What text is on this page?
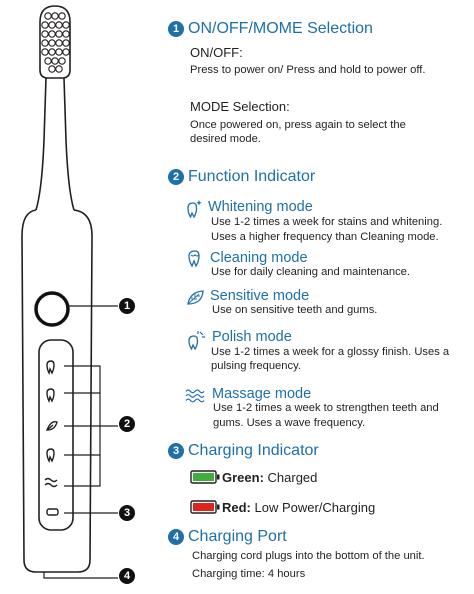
1
2
3
4
1 ON/OFF/MOME Selection
ON/OFF:
Press to power on/ Press and hold to power off.
MODE Selection:
Once powered on, press again to select the
desired mode.
2 Function Indicator
Whitening mode
Use 1-2 times a week for stains and whitening.
Uses a higher frequency than Cleaning mode.
Cleaning mode
Use for daily cleaning and maintenance.
Sensitive mode
Use on sensitive teeth and gums.
Polish mode
Use 1-2 times a week for a glossy finish. Uses a
pulsing frequency.
Massage mode
Use 1-2 times a week to strengthen teeth and
gums. Uses a wave frequency.
3 Charging Indicator
Green: Charged
Red: Low Power/Charging
4 Charging Port
Charging cord plugs into the bottom of the unit.
Charging time: 4 hours
